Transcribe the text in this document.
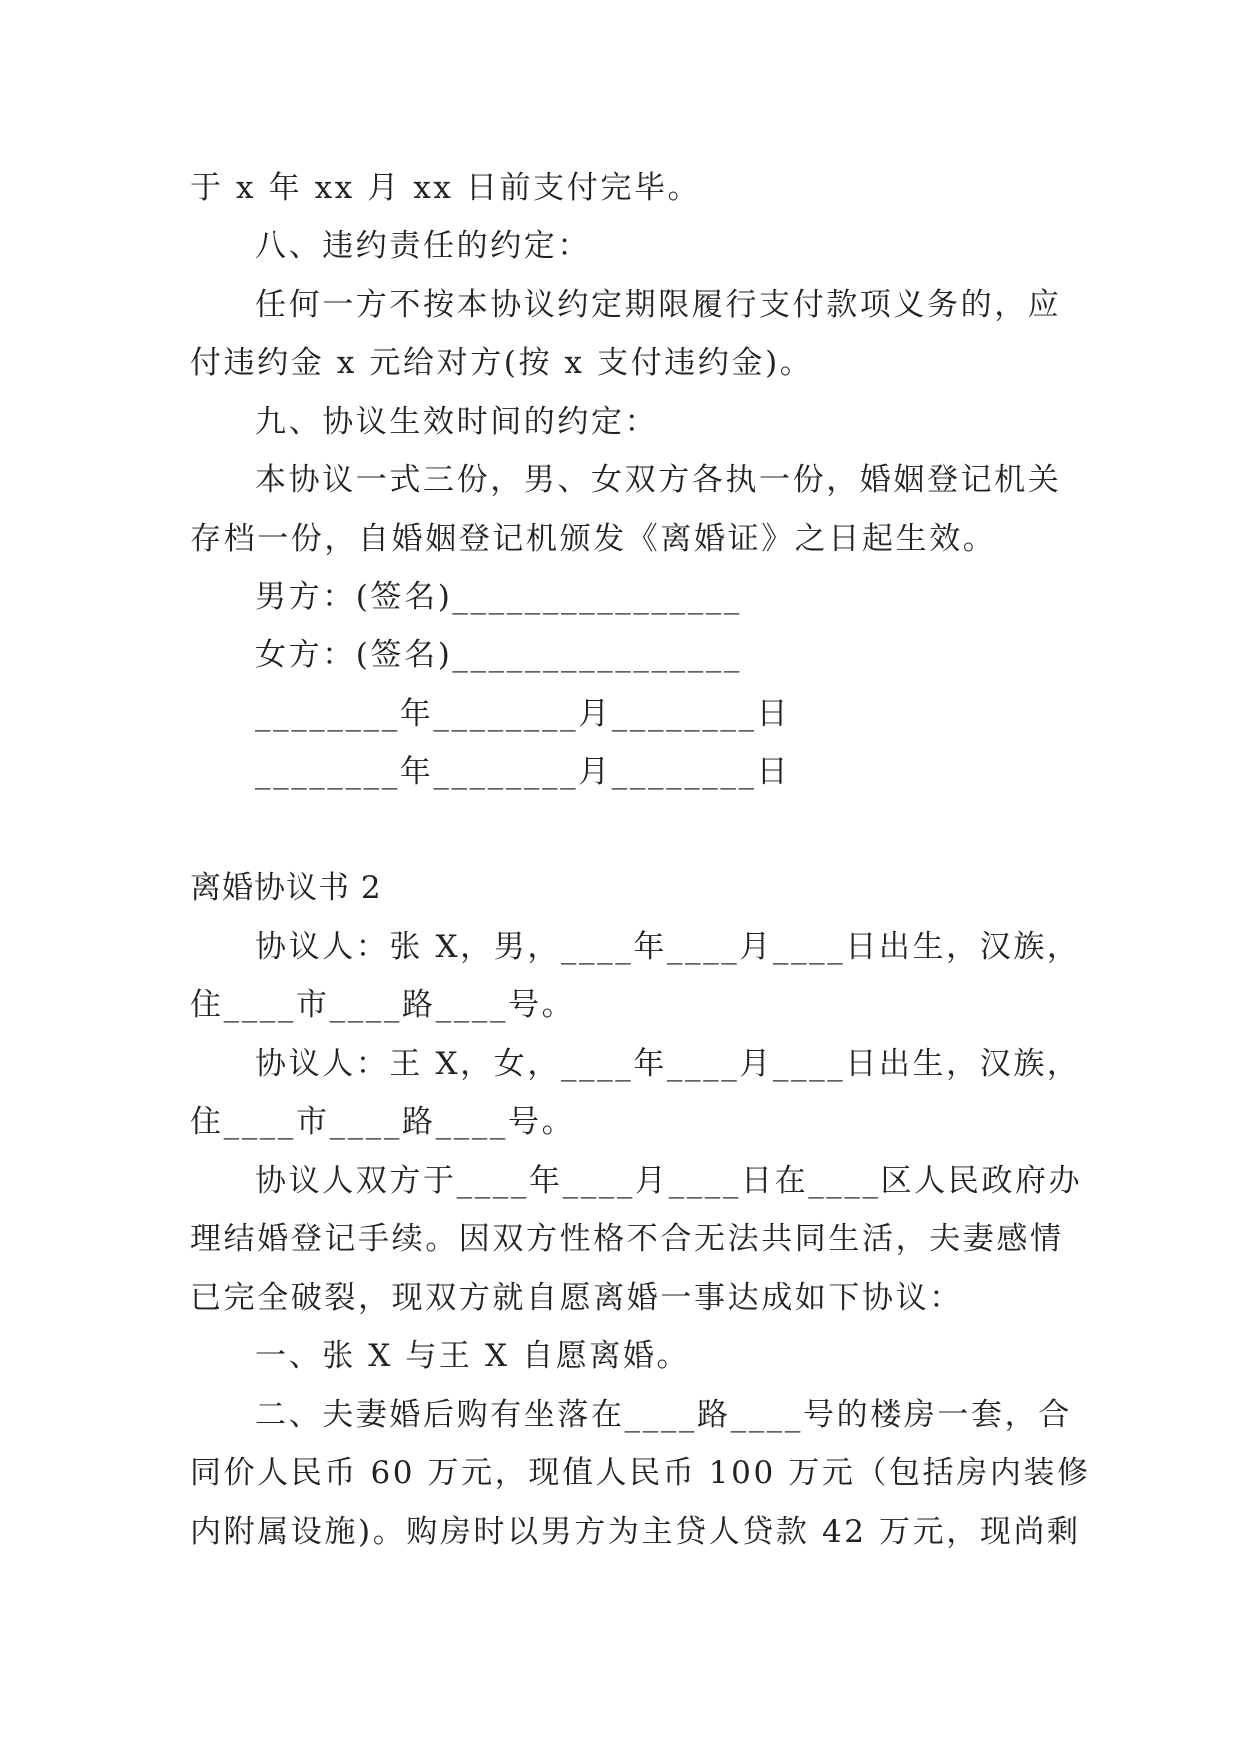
于 x 年 xx 月 xx 日前支付完毕。
八、违约责任的约定：
任何一方不按本协议约定期限履行支付款项义务的，应
付违约金 x 元给对方(按 x 支付违约金)。
九、协议生效时间的约定：
本协议一式三份，男、女双方各执一份，婚姻登记机关
存档一份，自婚姻登记机颁发《离婚证》之日起生效。
男方：(签名)________________
女方：(签名)________________
________年________月________日
________年________月________日
离婚协议书 2
协议人：张 X，男，____年____月____日出生，汉族，
住____市____路____号。
协议人：王 X，女，____年____月____日出生，汉族，
住____市____路____号。
协议人双方于____年____月____日在____区人民政府办
理结婚登记手续。因双方性格不合无法共同生活，夫妻感情
已完全破裂，现双方就自愿离婚一事达成如下协议：
一、张 X 与王 X 自愿离婚。
二、夫妻婚后购有坐落在____路____号的楼房一套，合
同价人民币 60 万元，现值人民币 100 万元（包括房内装修
内附属设施)。购房时以男方为主贷人贷款 42 万元，现尚剩
